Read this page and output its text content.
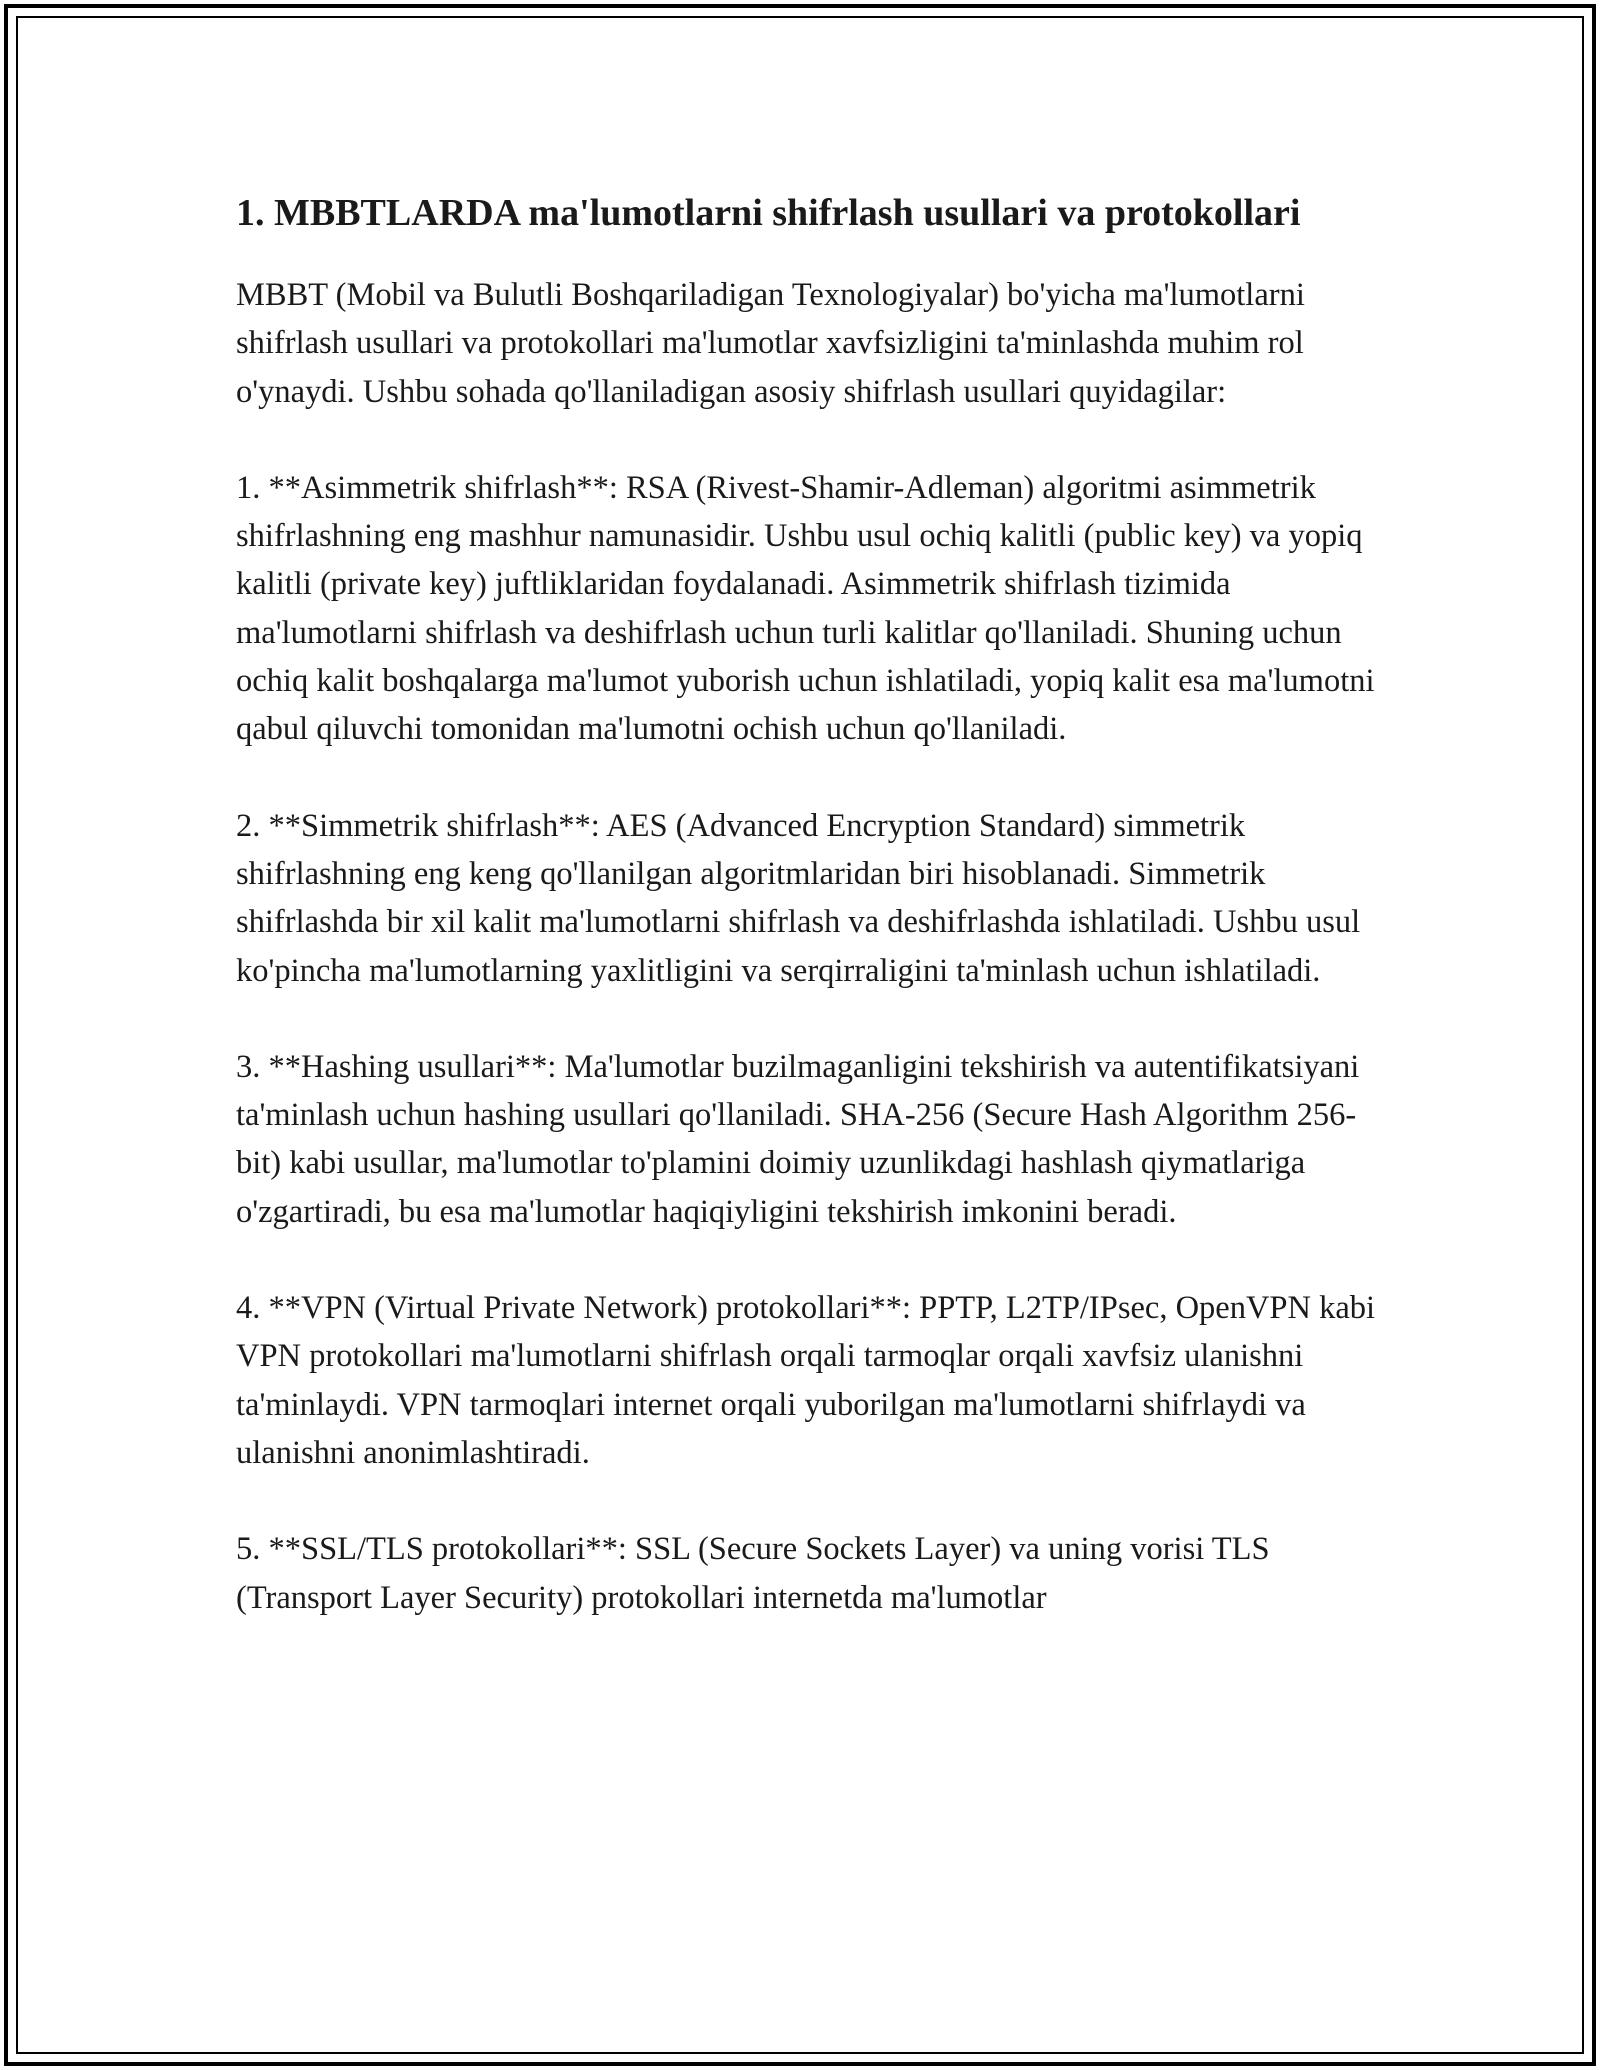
1. MBBTLARDA ma'lumotlarni shifrlash usullari va protokollari

MBBT (Mobil va Bulutli Boshqariladigan Texnologiyalar) bo'yicha ma'lumotlarni shifrlash usullari va protokollari ma'lumotlar xavfsizligini ta'minlashda muhim rol o'ynaydi. Ushbu sohada qo'llaniladigan asosiy shifrlash usullari quyidagilar:

1. **Asimmetrik shifrlash**: RSA (Rivest-Shamir-Adleman) algoritmi asimmetrik shifrlashning eng mashhur namunasidir. Ushbu usul ochiq kalitli (public key) va yopiq kalitli (private key) juftliklaridan foydalanadi. Asimmetrik shifrlash tizimida ma'lumotlarni shifrlash va deshifrlash uchun turli kalitlar qo'llaniladi. Shuning uchun ochiq kalit boshqalarga ma'lumot yuborish uchun ishlatiladi, yopiq kalit esa ma'lumotni qabul qiluvchi tomonidan ma'lumotni ochish uchun qo'llaniladi.

2. **Simmetrik shifrlash**: AES (Advanced Encryption Standard) simmetrik shifrlashning eng keng qo'llanilgan algoritmlaridan biri hisoblanadi. Simmetrik shifrlashda bir xil kalit ma'lumotlarni shifrlash va deshifrlashda ishlatiladi. Ushbu usul ko'pincha ma'lumotlarning yaxlitligini va serqirraligini ta'minlash uchun ishlatiladi.

3. **Hashing usullari**: Ma'lumotlar buzilmaganligini tekshirish va autentifikatsiyani ta'minlash uchun hashing usullari qo'llaniladi. SHA-256 (Secure Hash Algorithm 256-bit) kabi usullar, ma'lumotlar to'plamini doimiy uzunlikdagi hashlash qiymatlariga o'zgartiradi, bu esa ma'lumotlar haqiqiyligini tekshirish imkonini beradi.

4. **VPN (Virtual Private Network) protokollari**: PPTP, L2TP/IPsec, OpenVPN kabi VPN protokollari ma'lumotlarni shifrlash orqali tarmoqlar orqali xavfsiz ulanishni ta'minlaydi. VPN tarmoqlari internet orqali yuborilgan ma'lumotlarni shifrlaydi va ulanishni anonimlashtiradi.

5. **SSL/TLS protokollari**: SSL (Secure Sockets Layer) va uning vorisi TLS (Transport Layer Security) protokollari internetda ma'lumotlar
